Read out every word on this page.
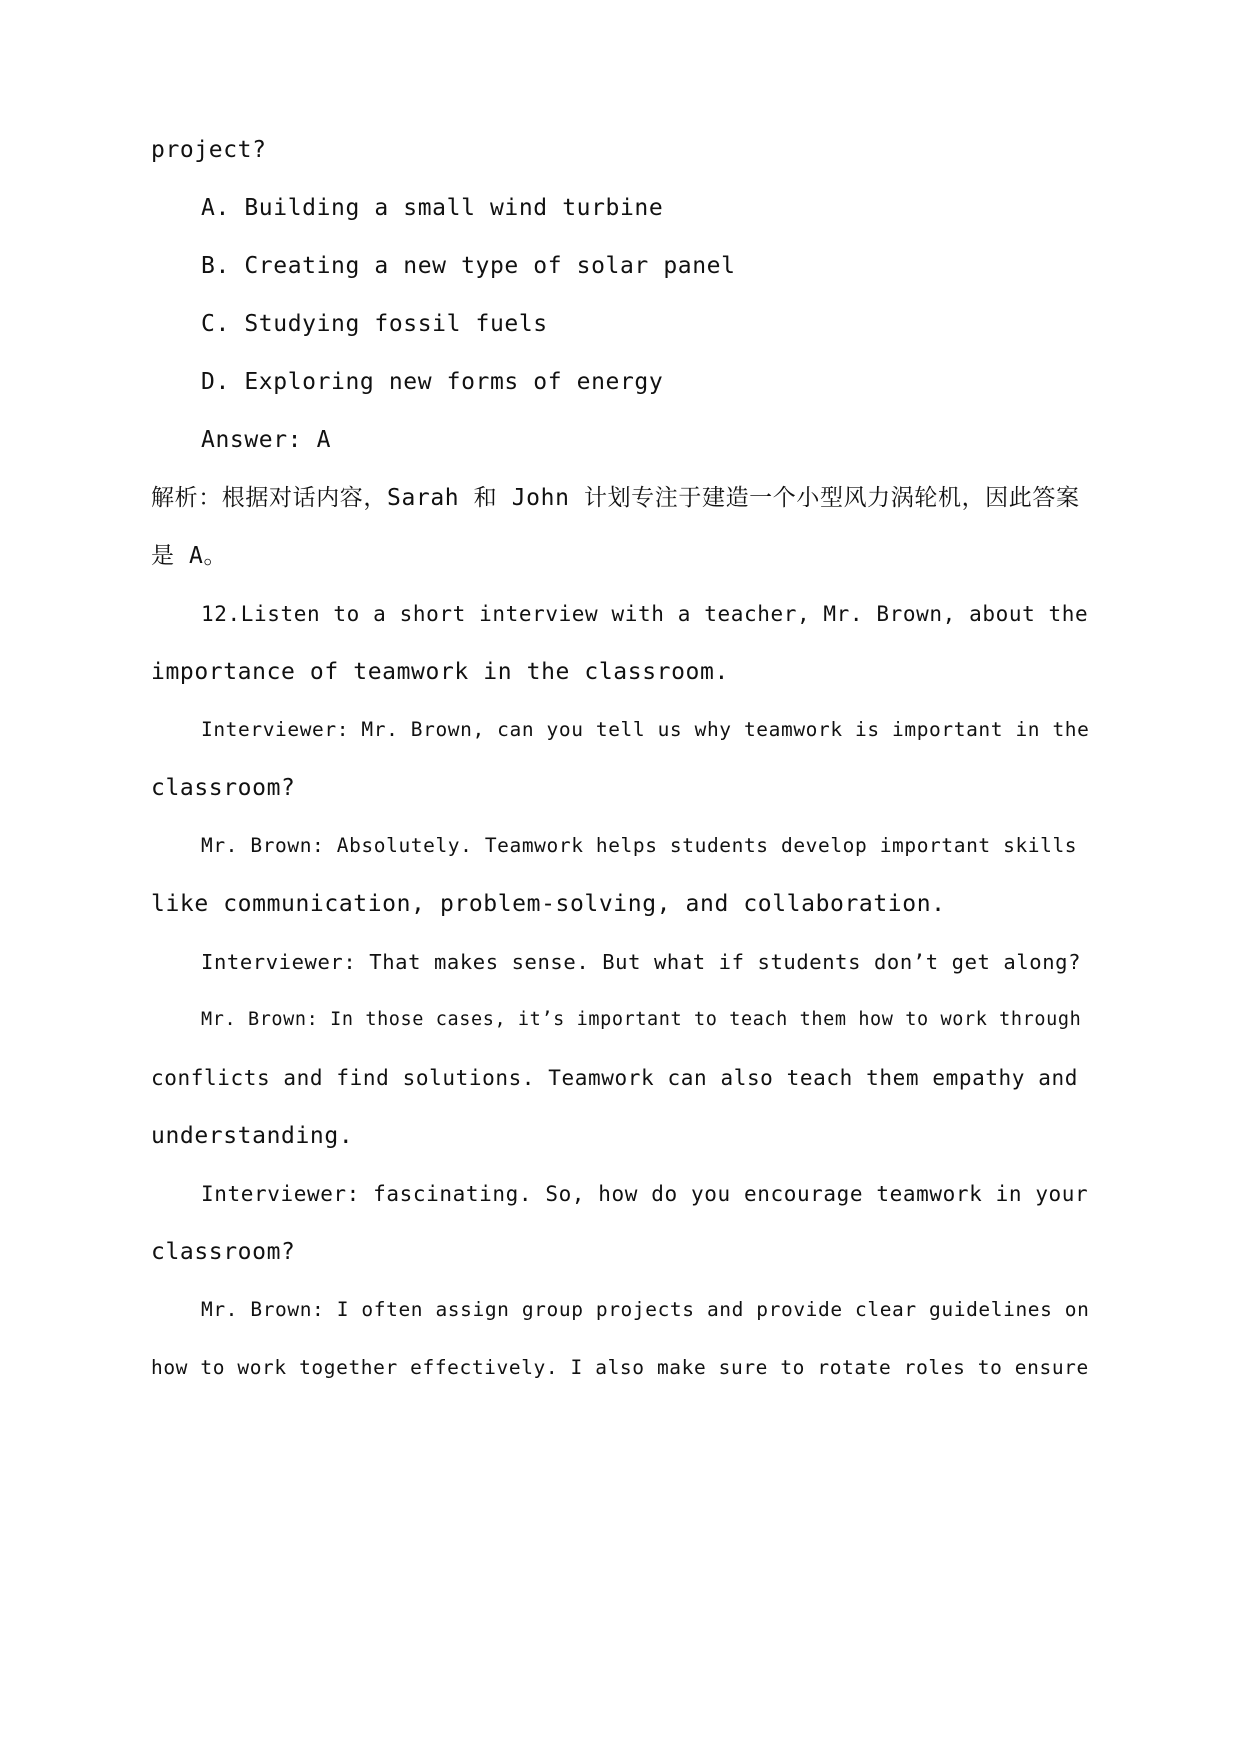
project?
A. Building a small wind turbine
B. Creating a new type of solar panel
C. Studying fossil fuels
D. Exploring new forms of energy
Answer: A
解析：根据对话内容，Sarah 和 John 计划专注于建造一个小型风力涡轮机，因此答案
是 A。
12.Listen to a short interview with a teacher, Mr. Brown, about the
importance of teamwork in the classroom.
Interviewer: Mr. Brown, can you tell us why teamwork is important in the
classroom?
Mr. Brown: Absolutely. Teamwork helps students develop important skills
like communication, problem-solving, and collaboration.
Interviewer: That makes sense. But what if students don’t get along?
Mr. Brown: In those cases, it’s important to teach them how to work through
conflicts and find solutions. Teamwork can also teach them empathy and
understanding.
Interviewer: fascinating. So, how do you encourage teamwork in your
classroom?
Mr. Brown: I often assign group projects and provide clear guidelines on
how to work together effectively. I also make sure to rotate roles to ensure
